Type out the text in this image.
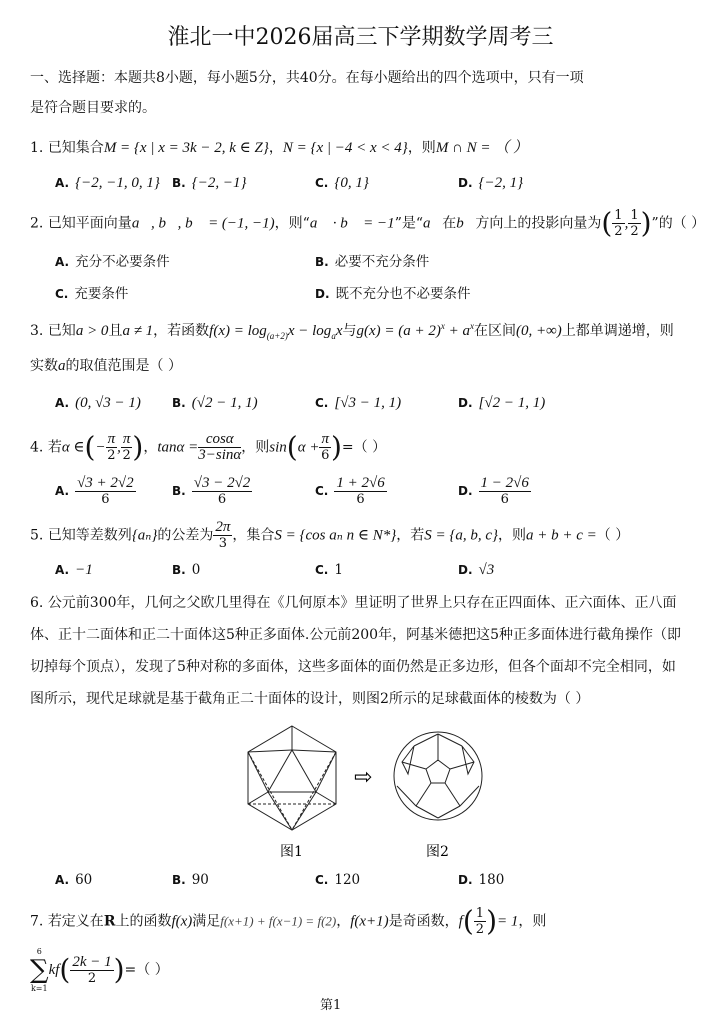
淮北一中2026届高三下学期数学周考三
一、选择题：本题共8小题，每小题5分，共40分。在每小题给出的四个选项中，只有一项
是符合题目要求的。
1. 已知集合M = {x | x = 3k − 2, k ∈ Z}，N = {x | −4 < x < 4}，则M ∩ N = （ ）
A. {−2, −1, 0, 1} B. {−2, −1}	C. {0, 1}	D. {−2, 1}
2. 已知平面向量a⃗, b⃗, b⃗ = (−1, −1)，则“a⃗ · b⃗ = −1”是“a⃗在b⃗方向上的投影向量为( $\frac{1}{2}$ , $\frac{1}{2}$ )”的（ ）
A. 充分不必要条件	B. 必要不充分条件
C. 充要条件	D. 既不充分也不必要条件
3. 已知a > 0且a ≠ 1，若函数$f(x) = \log_{(a+2)}x - \log_ax$与$g(x) = (a + 2)^x + a^x$在区间(0, +∞)上都单调递增，则
实数a的取值范围是（ ）
A. (0, √3 − 1)	B. (√2 − 1, 1)	C. [√3 − 1, 1)	D. [√2 − 1, 1)
4. 若α ∈(− $\frac{\pi}{2}$ , $\frac{\pi}{2}$ )，$\tan\alpha = \frac{\cos\alpha}{3-\sin\alpha}$ ，则$\sin(\alpha + \frac{\pi}{6}$ )=（ ）
A. $\frac{√3 + 2√2}{6}$	B. $\frac{√3 - 2√2}{6}$	C. $\frac{1 + 2√6}{6}$	D. $\frac{1 - 2√6}{6}$
5. 已知等差数列{aₙ}的公差为 $\frac{2\pi}{3}$ ，集合S = {cos aₙ n ∈ N*}，若S = {a, b, c}，则a + b + c =（ ）
A. −1	B. 0	C. 1	D. √3
6. 公元前300年，几何之父欧几里得在《几何原本》里证明了世界上只存在正四面体、正六面体、正八面
体、正十二面体和正二十面体这5种正多面体.公元前200年，阿基米德把这5种正多面体进行截角操作（即
切掉每个顶点），发现了5种对称的多面体，这些多面体的面仍然是正多边形，但各个面却不完全相同，如
图所示，现代足球就是基于截角正二十面体的设计，则图2所示的足球截面体的棱数为（ ）
⇨
图1	图2
A. 60	B. 90	C. 120	D. 180
7. 若定义在R上的函数f(x)满足f(x+1) + f(x−1) = f(2)，f(x+1)是奇函数，$f( \frac{1}{2}$ )= 1，则
6
∑
k=1
$kf( \frac{2k - 1}{2}$ )=（ ）
第1
